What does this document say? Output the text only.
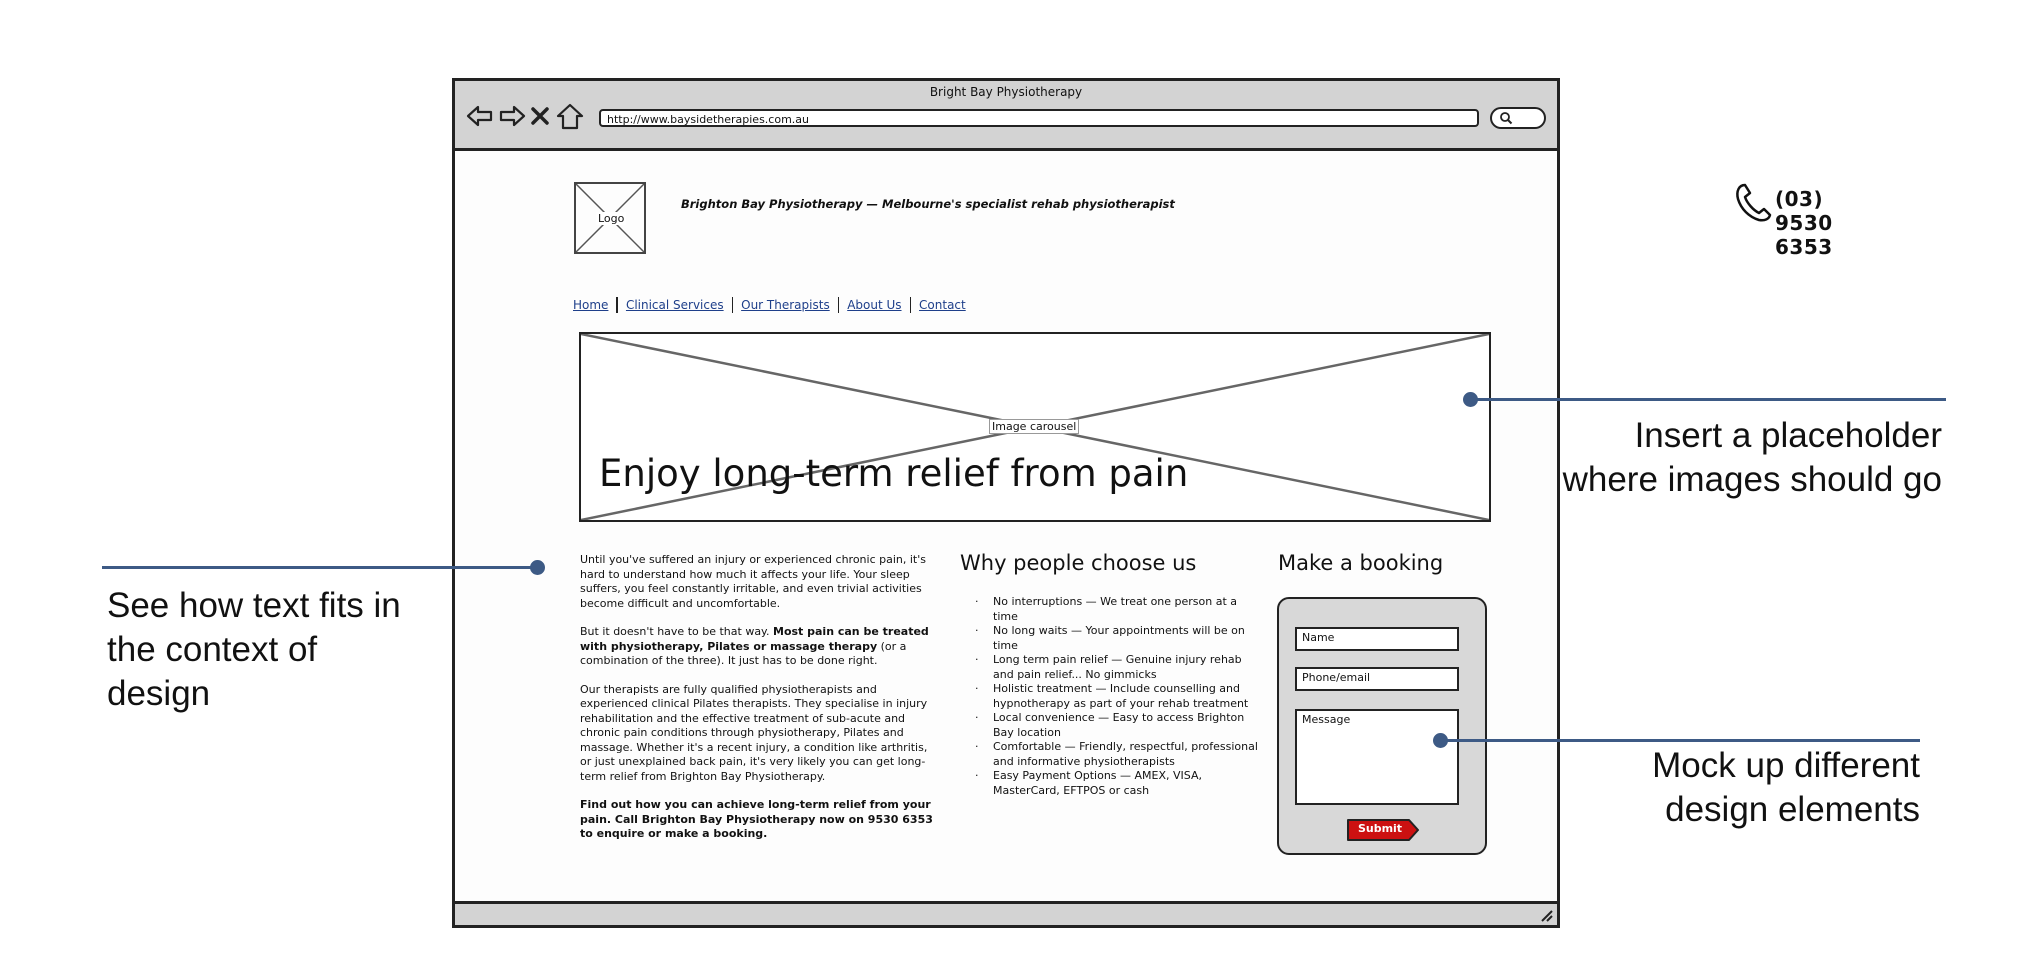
Bright Bay Physiotherapy
http://www.baysidetherapies.com.au
Logo
Brighton Bay Physiotherapy — Melbourne's specialist rehab physiotherapist	(03) 9530 6353
Home Clinical Services Our Therapists About Us Contact
Image carousel
Enjoy long-term relief from pain

Until you've suffered an injury or experienced chronic pain, it's hard to understand how much it affects your life. Your sleep suffers, you feel constantly irritable, and even trivial activities become difficult and uncomfortable.

But it doesn't have to be that way. Most pain can be treated with physiotherapy, Pilates or massage therapy (or a combination of the three). It just has to be done right.

Our therapists are fully qualified physiotherapists and experienced clinical Pilates therapists. They specialise in injury rehabilitation and the effective treatment of sub-acute and chronic pain conditions through physiotherapy, Pilates and massage. Whether it's a recent injury, a condition like arthritis, or just unexplained back pain, it's very likely you can get long-term relief from Brighton Bay Physiotherapy.

Find out how you can achieve long-term relief from your pain. Call Brighton Bay Physiotherapy now on 9530 6353 to enquire or make a booking.

Why people choose us
· No interruptions — We treat one person at a time
· No long waits — Your appointments will be on time
· Long term pain relief — Genuine injury rehab and pain relief... No gimmicks
· Holistic treatment — Include counselling and hypnotherapy as part of your rehab treatment
· Local convenience — Easy to access Brighton Bay location
· Comfortable — Friendly, respectful, professional and informative physiotherapists
· Easy Payment Options — AMEX, VISA, MasterCard, EFTPOS or cash
Make a booking
Name
Phone/email
Message
Submit
Insert a placeholder where images should go
See how text fits in the context of design
Mock up different design elements
